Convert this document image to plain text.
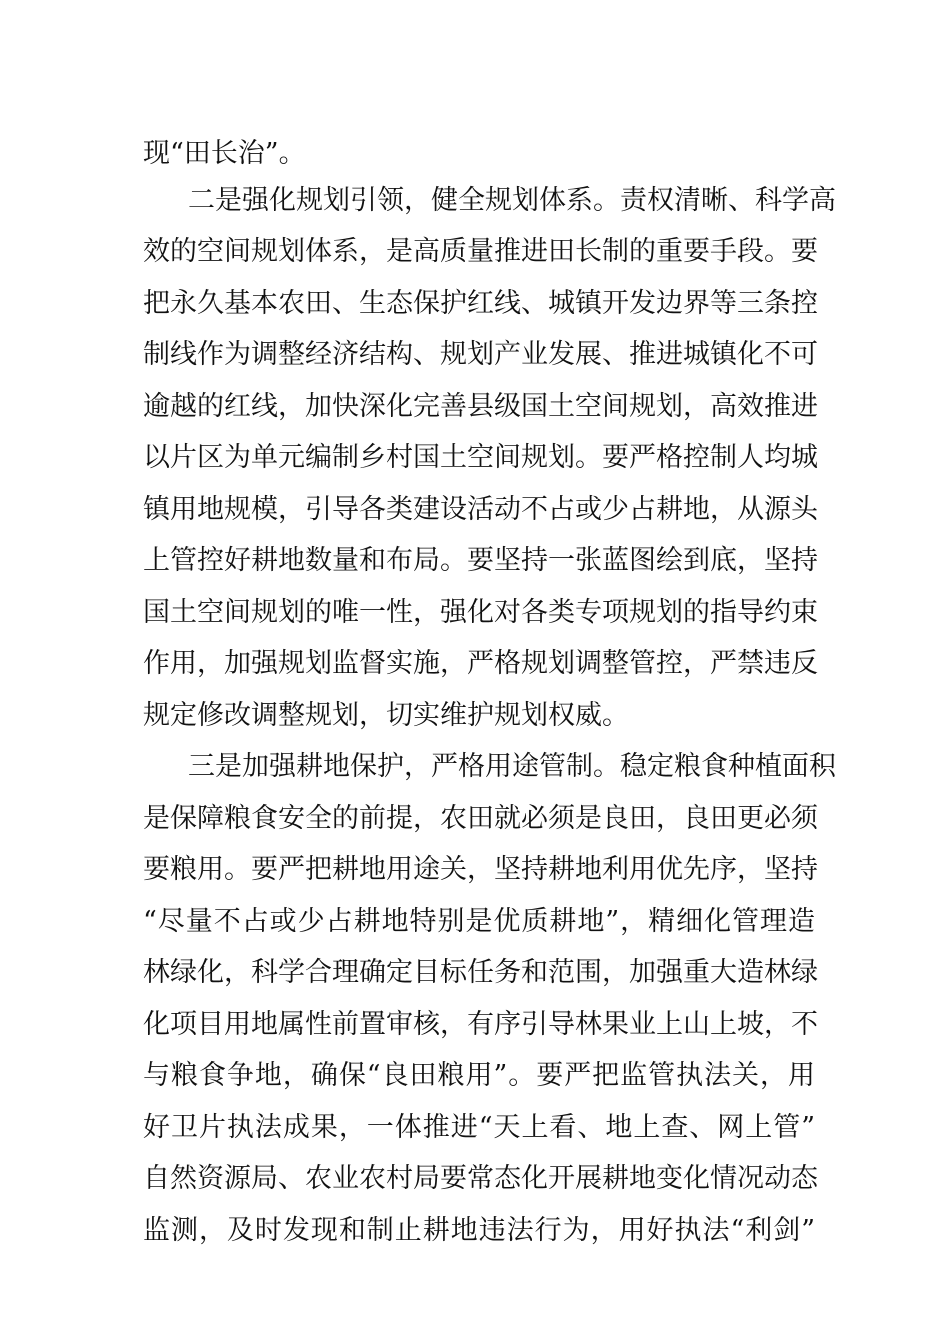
现“田长治”。
二是强化规划引领，健全规划体系。责权清晰、科学高
效的空间规划体系，是高质量推进田长制的重要手段。要
把永久基本农田、生态保护红线、城镇开发边界等三条控
制线作为调整经济结构、规划产业发展、推进城镇化不可
逾越的红线，加快深化完善县级国土空间规划，高效推进
以片区为单元编制乡村国土空间规划。要严格控制人均城
镇用地规模，引导各类建设活动不占或少占耕地，从源头
上管控好耕地数量和布局。要坚持一张蓝图绘到底，坚持
国土空间规划的唯一性，强化对各类专项规划的指导约束
作用，加强规划监督实施，严格规划调整管控，严禁违反
规定修改调整规划，切实维护规划权威。
三是加强耕地保护，严格用途管制。稳定粮食种植面积
是保障粮食安全的前提，农田就必须是良田，良田更必须
要粮用。要严把耕地用途关，坚持耕地利用优先序，坚持
“尽量不占或少占耕地特别是优质耕地”，精细化管理造
林绿化，科学合理确定目标任务和范围，加强重大造林绿
化项目用地属性前置审核，有序引导林果业上山上坡，不
与粮食争地，确保“良田粮用”。要严把监管执法关，用
好卫片执法成果，一体推进“天上看、地上查、网上管”
自然资源局、农业农村局要常态化开展耕地变化情况动态
监测，及时发现和制止耕地违法行为，用好执法“利剑”
